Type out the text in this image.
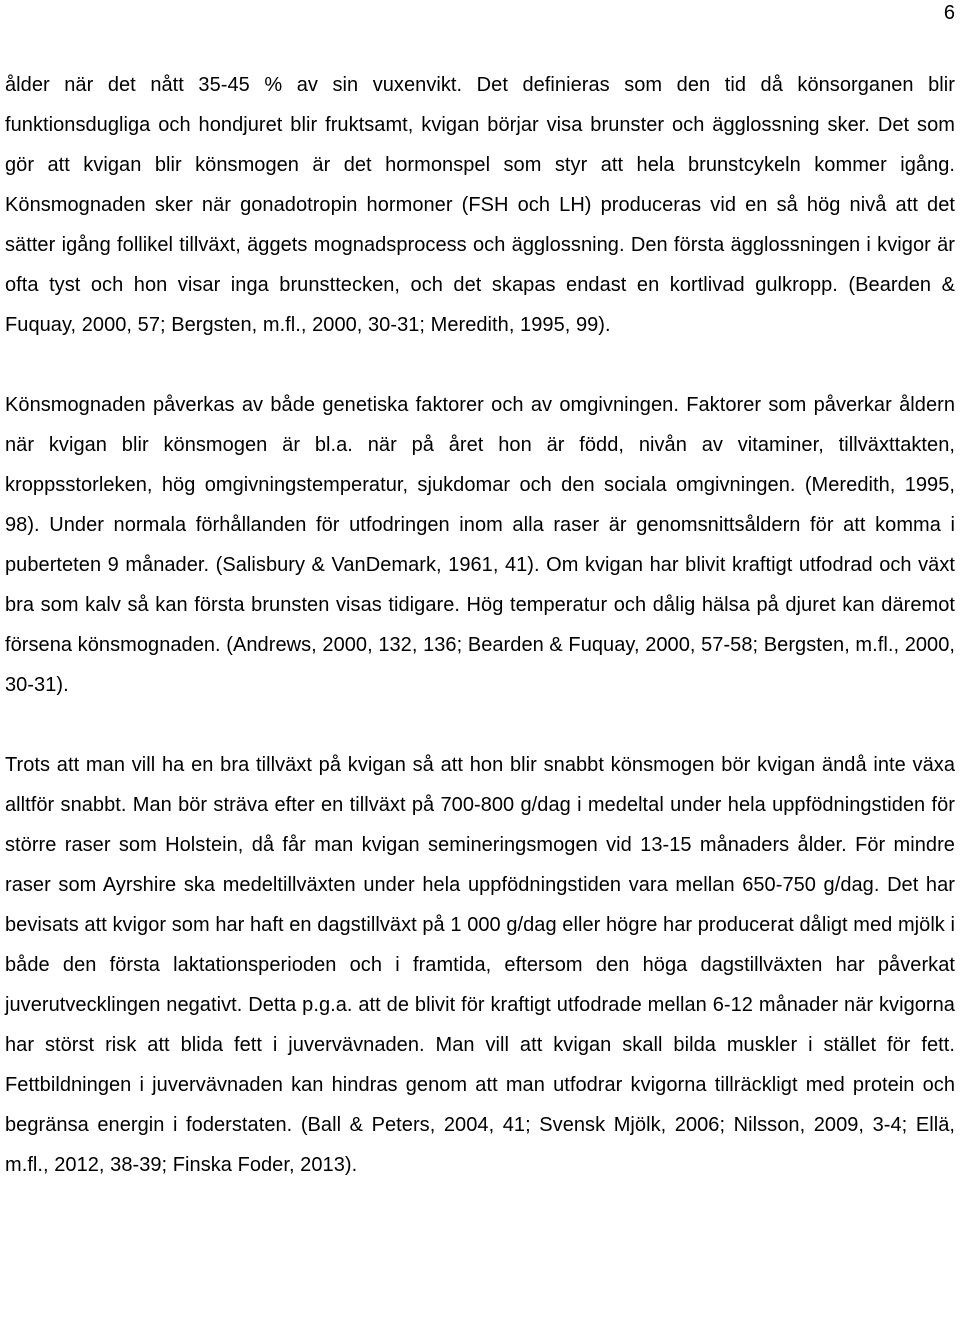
6

ålder när det nått 35-45 % av sin vuxenvikt. Det definieras som den tid då könsorganen blir funktionsdugliga och hondjuret blir fruktsamt, kvigan börjar visa brunster och ägglossning sker. Det som gör att kvigan blir könsmogen är det hormonspel som styr att hela brunstcykeln kommer igång. Könsmognaden sker när gonadotropin hormoner (FSH och LH) produceras vid en så hög nivå att det sätter igång follikel tillväxt, äggets mognadsprocess och ägglossning. Den första ägglossningen i kvigor är ofta tyst och hon visar inga brunsttecken, och det skapas endast en kortlivad gulkropp. (Bearden & Fuquay, 2000, 57; Bergsten, m.fl., 2000, 30-31; Meredith, 1995, 99).

Könsmognaden påverkas av både genetiska faktorer och av omgivningen. Faktorer som påverkar åldern när kvigan blir könsmogen är bl.a. när på året hon är född, nivån av vitaminer, tillväxttakten, kroppsstorleken, hög omgivningstemperatur, sjukdomar och den sociala omgivningen. (Meredith, 1995, 98). Under normala förhållanden för utfodringen inom alla raser är genomsnittsåldern för att komma i puberteten 9 månader. (Salisbury & VanDemark, 1961, 41). Om kvigan har blivit kraftigt utfodrad och växt bra som kalv så kan första brunsten visas tidigare. Hög temperatur och dålig hälsa på djuret kan däremot försena könsmognaden. (Andrews, 2000, 132, 136; Bearden & Fuquay, 2000, 57-58; Bergsten, m.fl., 2000, 30-31).

Trots att man vill ha en bra tillväxt på kvigan så att hon blir snabbt könsmogen bör kvigan ändå inte växa alltför snabbt. Man bör sträva efter en tillväxt på 700-800 g/dag i medeltal under hela uppfödningstiden för större raser som Holstein, då får man kvigan semineringsmogen vid 13-15 månaders ålder. För mindre raser som Ayrshire ska medeltillväxten under hela uppfödningstiden vara mellan 650-750 g/dag. Det har bevisats att kvigor som har haft en dagstillväxt på 1 000 g/dag eller högre har producerat dåligt med mjölk i både den första laktationsperioden och i framtida, eftersom den höga dagstillväxten har påverkat juverutvecklingen negativt. Detta p.g.a. att de blivit för kraftigt utfodrade mellan 6-12 månader när kvigorna har störst risk att blida fett i juvervävnaden. Man vill att kvigan skall bilda muskler i stället för fett. Fettbildningen i juvervävnaden kan hindras genom att man utfodrar kvigorna tillräckligt med protein och begränsa energin i foderstaten. (Ball & Peters, 2004, 41; Svensk Mjölk, 2006; Nilsson, 2009, 3-4; Ellä, m.fl., 2012, 38-39; Finska Foder, 2013).
